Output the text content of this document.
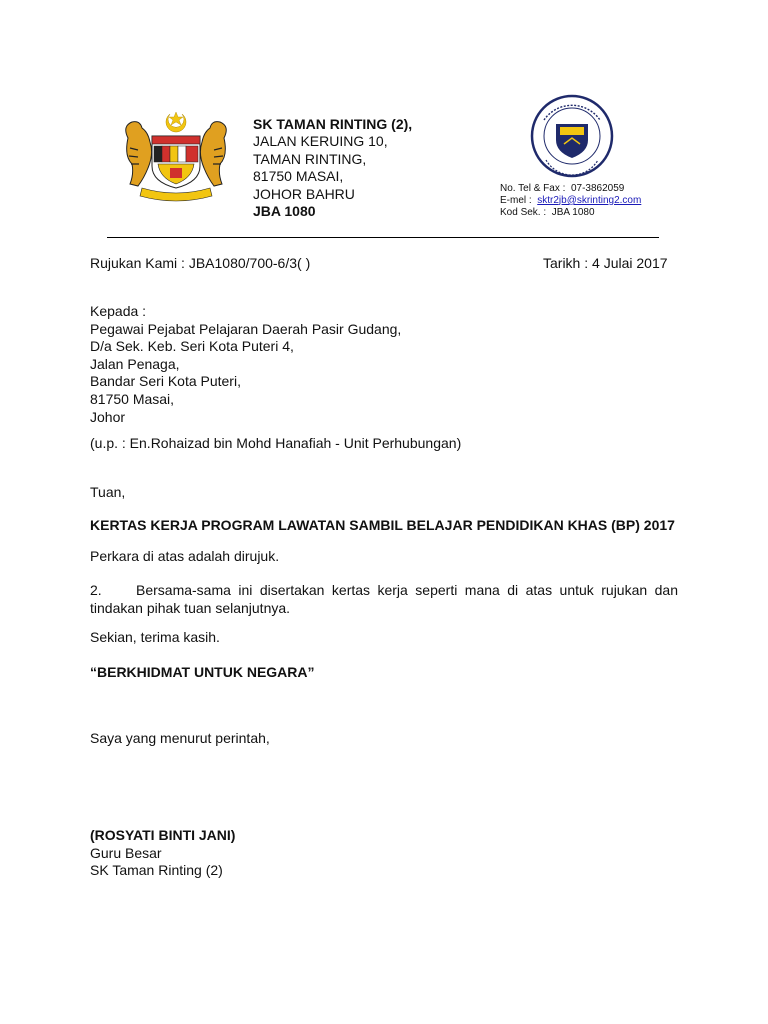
SK TAMAN RINTING (2),
JALAN KERUING 10,
TAMAN RINTING,
81750 MASAI,
JOHOR BAHRU
JBA 1080
No. Tel & Fax : 07-3862059
E-mel : sktr2jb@skrinting2.com
Kod Sek. : JBA 1080
Rujukan Kami : JBA1080/700-6/3( )	Tarikh : 4 Julai 2017
Kepada :
Pegawai Pejabat Pelajaran Daerah Pasir Gudang,
D/a Sek. Keb. Seri Kota Puteri 4,
Jalan Penaga,
Bandar Seri Kota Puteri,
81750 Masai,
Johor
(u.p. : En.Rohaizad bin Mohd Hanafiah - Unit Perhubungan)
Tuan,
KERTAS KERJA PROGRAM LAWATAN SAMBIL BELAJAR PENDIDIKAN KHAS (BP) 2017
Perkara di atas adalah dirujuk.
2. Bersama-sama ini disertakan kertas kerja seperti mana di atas untuk rujukan dan tindakan pihak tuan selanjutnya.
Sekian, terima kasih.
“BERKHIDMAT UNTUK NEGARA”
Saya yang menurut perintah,
(ROSYATI BINTI JANI)
Guru Besar
SK Taman Rinting (2)
